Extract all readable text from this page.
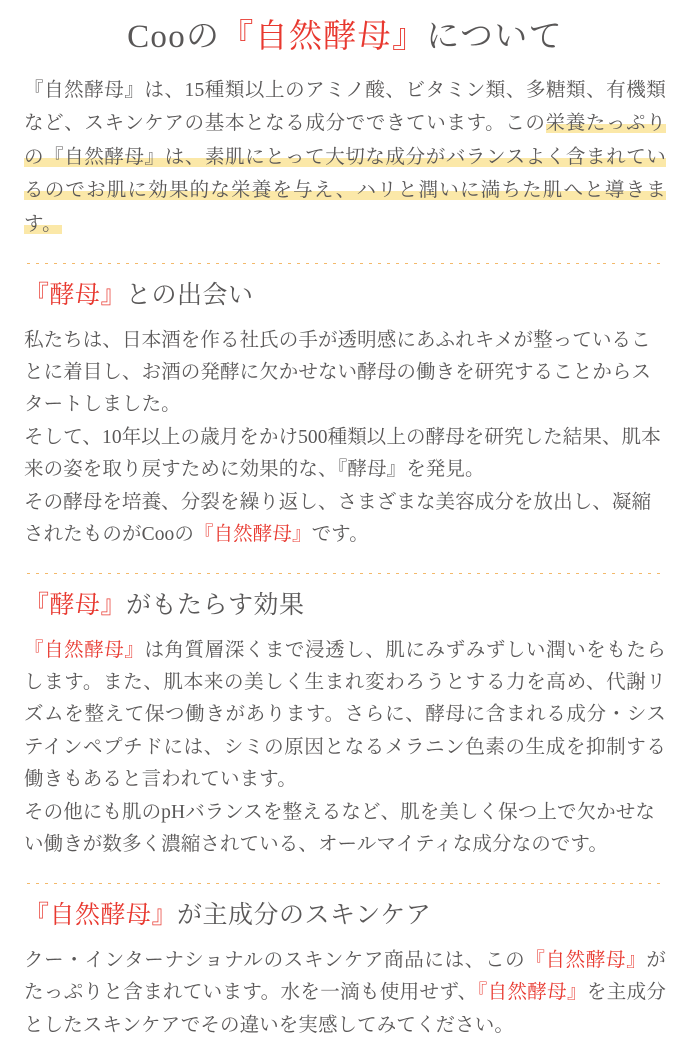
Cooの『自然酵母』について

『自然酵母』は、15種類以上のアミノ酸、ビタミン類、多糖類、有機類など、スキンケアの基本となる成分でできています。この栄養たっぷりの『自然酵母』は、素肌にとって大切な成分がバランスよく含まれているのでお肌に効果的な栄養を与え、ハリと潤いに満ちた肌へと導きます。

『酵母』との出会い

私たちは、日本酒を作る社氏の手が透明感にあふれキメが整っていることに着目し、お酒の発酵に欠かせない酵母の働きを研究することからスタートしました。

そして、10年以上の歳月をかけ500種類以上の酵母を研究した結果、肌本来の姿を取り戻すために効果的な、『酵母』を発見。

その酵母を培養、分裂を繰り返し、さまざまな美容成分を放出し、凝縮されたものがCooの『自然酵母』です。

『酵母』がもたらす効果

『自然酵母』は角質層深くまで浸透し、肌にみずみずしい潤いをもたらします。また、肌本来の美しく生まれ変わろうとする力を高め、代謝リズムを整えて保つ働きがあります。さらに、酵母に含まれる成分・システインペプチドには、シミの原因となるメラニン色素の生成を抑制する働きもあると言われています。

その他にも肌のpHバランスを整えるなど、肌を美しく保つ上で欠かせない働きが数多く濃縮されている、オールマイティな成分なのです。

『自然酵母』が主成分のスキンケア

クー・インターナショナルのスキンケア商品には、この『自然酵母』がたっぷりと含まれています。水を一滴も使用せず、『自然酵母』を主成分としたスキンケアでその違いを実感してみてください。
